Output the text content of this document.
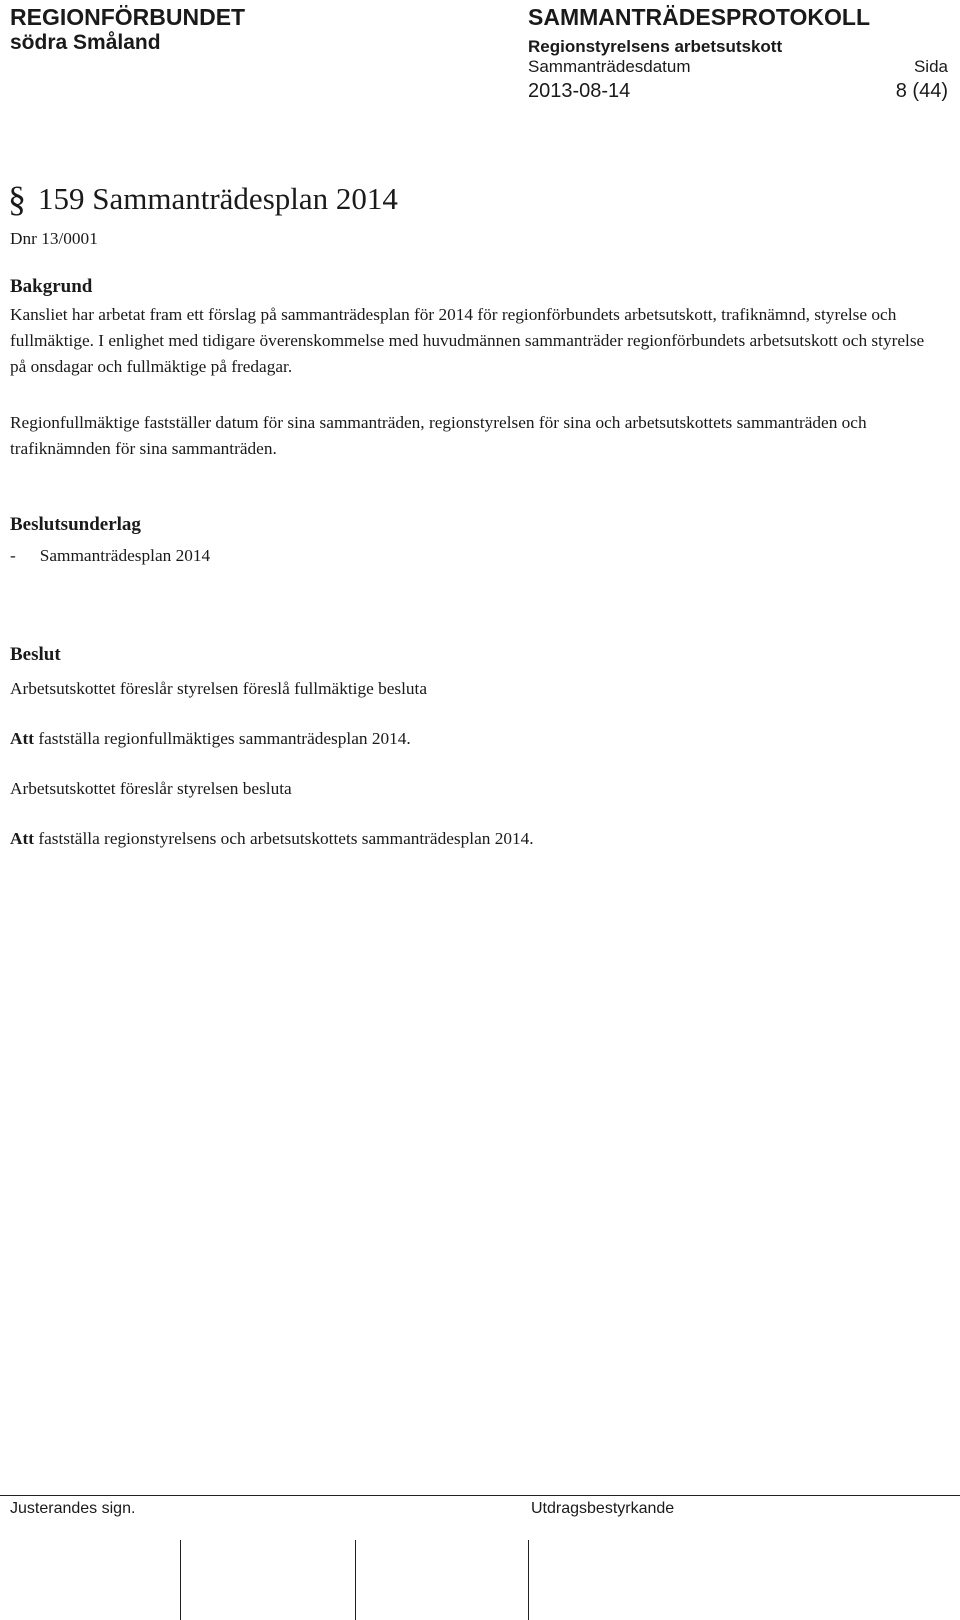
REGIONFÖRBUNDET
södra Småland
SAMMANTRÄDESPROTOKOLL
Regionstyrelsens arbetsutskott
Sammanträdesdatum	Sida
2013-08-14	8 (44)
§ 159 Sammanträdesplan 2014
Dnr 13/0001
Bakgrund
Kansliet har arbetat fram ett förslag på sammanträdesplan för 2014 för regionförbundets arbetsutskott, trafiknämnd, styrelse och fullmäktige. I enlighet med tidigare överenskommelse med huvudmännen sammanträder regionförbundets arbetsutskott och styrelse på onsdagar och fullmäktige på fredagar.
Regionfullmäktige fastställer datum för sina sammanträden, regionstyrelsen för sina och arbetsutskottets sammanträden och trafiknämnden för sina sammanträden.
Beslutsunderlag
- Sammanträdesplan 2014
Beslut
Arbetsutskottet föreslår styrelsen föreslå fullmäktige besluta
Att fastställa regionfullmäktiges sammanträdesplan 2014.
Arbetsutskottet föreslår styrelsen besluta
Att fastställa regionstyrelsens och arbetsutskottets sammanträdesplan 2014.
Justerandes sign.	Utdragsbestyrkande
